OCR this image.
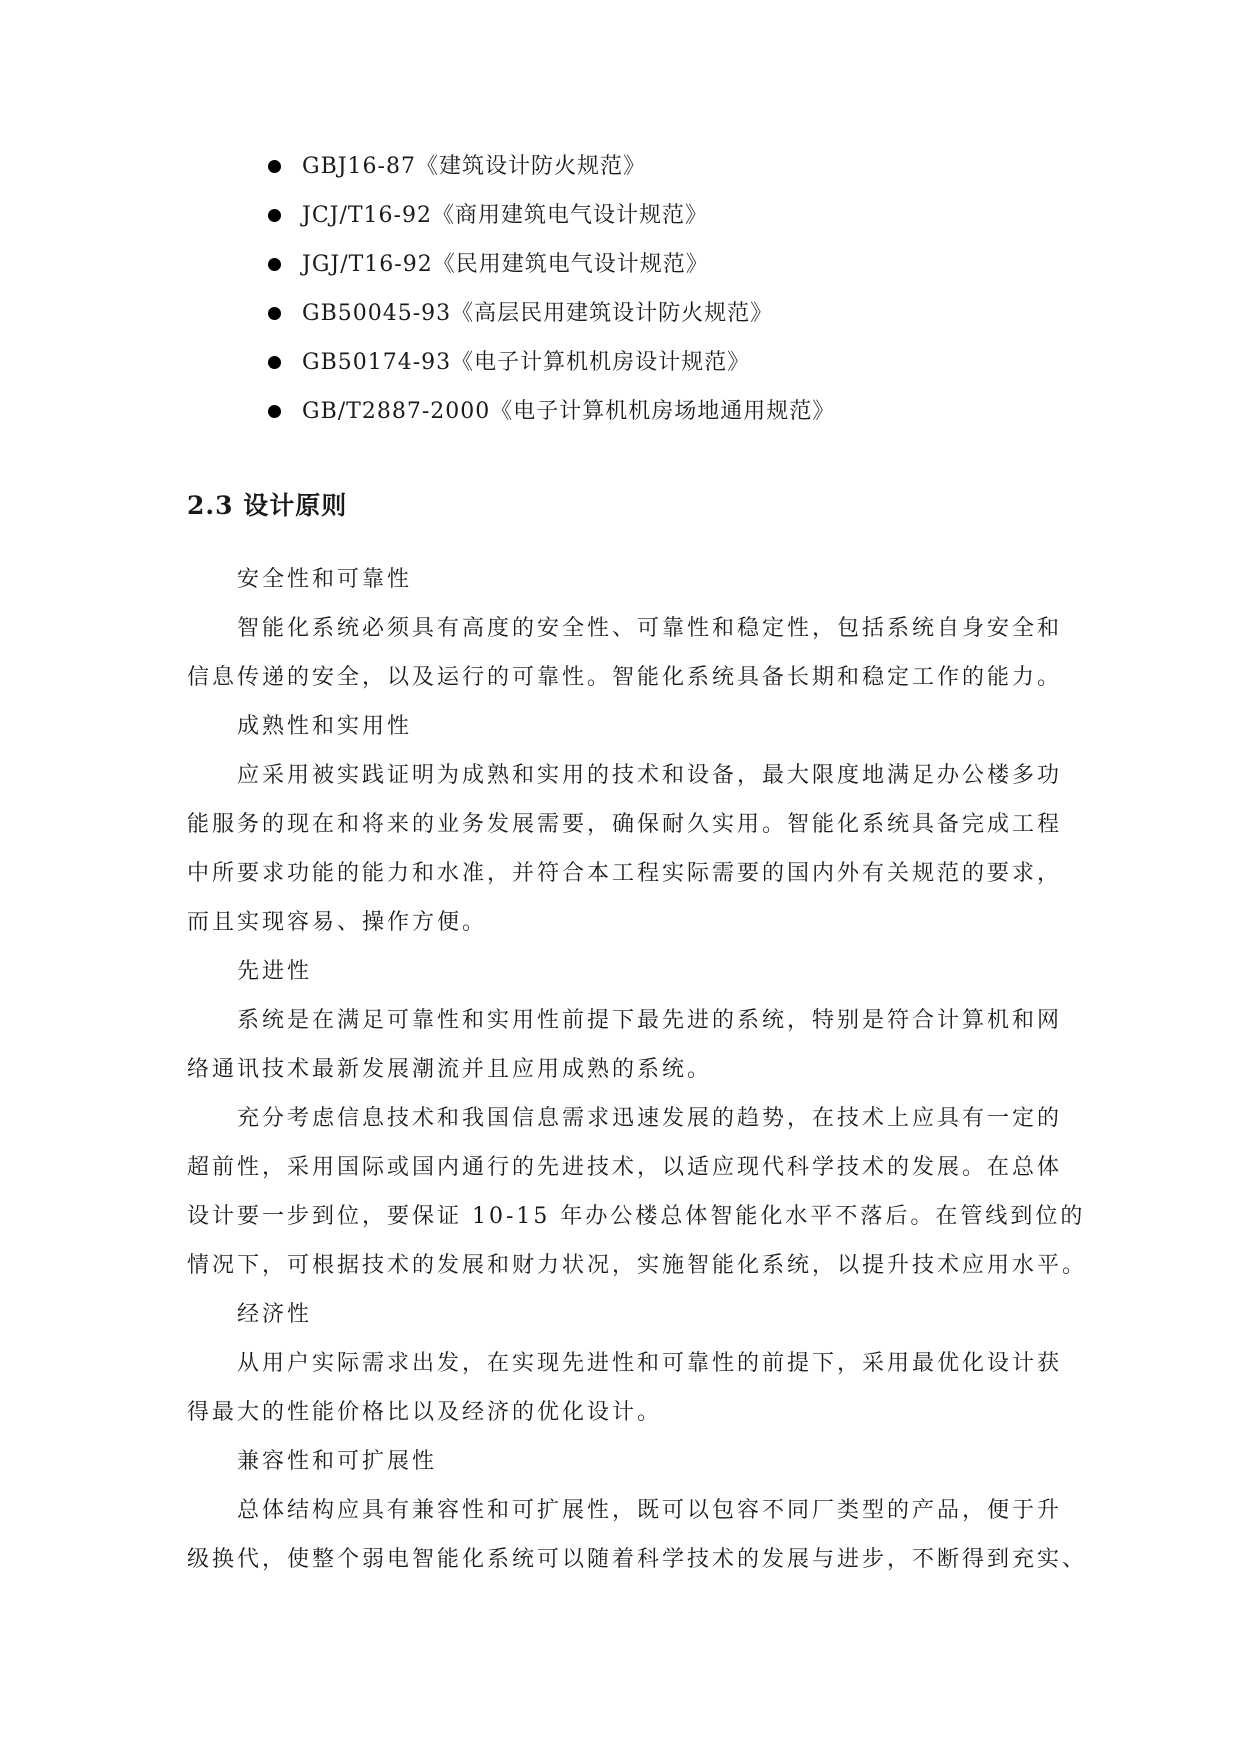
GBJ16-87《建筑设计防火规范》
JCJ/T16-92《商用建筑电气设计规范》
JGJ/T16-92《民用建筑电气设计规范》
GB50045-93《高层民用建筑设计防火规范》
GB50174-93《电子计算机机房设计规范》
GB/T2887-2000《电子计算机机房场地通用规范》
2.3 设计原则
安全性和可靠性
智能化系统必须具有高度的安全性、可靠性和稳定性，包括系统自身安全和
信息传递的安全，以及运行的可靠性。智能化系统具备长期和稳定工作的能力。
成熟性和实用性
应采用被实践证明为成熟和实用的技术和设备，最大限度地满足办公楼多功
能服务的现在和将来的业务发展需要，确保耐久实用。智能化系统具备完成工程
中所要求功能的能力和水准，并符合本工程实际需要的国内外有关规范的要求，
而且实现容易、操作方便。
先进性
系统是在满足可靠性和实用性前提下最先进的系统，特别是符合计算机和网
络通讯技术最新发展潮流并且应用成熟的系统。
充分考虑信息技术和我国信息需求迅速发展的趋势，在技术上应具有一定的
超前性，采用国际或国内通行的先进技术，以适应现代科学技术的发展。在总体
设计要一步到位，要保证 10-15 年办公楼总体智能化水平不落后。在管线到位的
情况下，可根据技术的发展和财力状况，实施智能化系统，以提升技术应用水平。
经济性
从用户实际需求出发，在实现先进性和可靠性的前提下，采用最优化设计获
得最大的性能价格比以及经济的优化设计。
兼容性和可扩展性
总体结构应具有兼容性和可扩展性，既可以包容不同厂类型的产品，便于升
级换代，使整个弱电智能化系统可以随着科学技术的发展与进步，不断得到充实、
